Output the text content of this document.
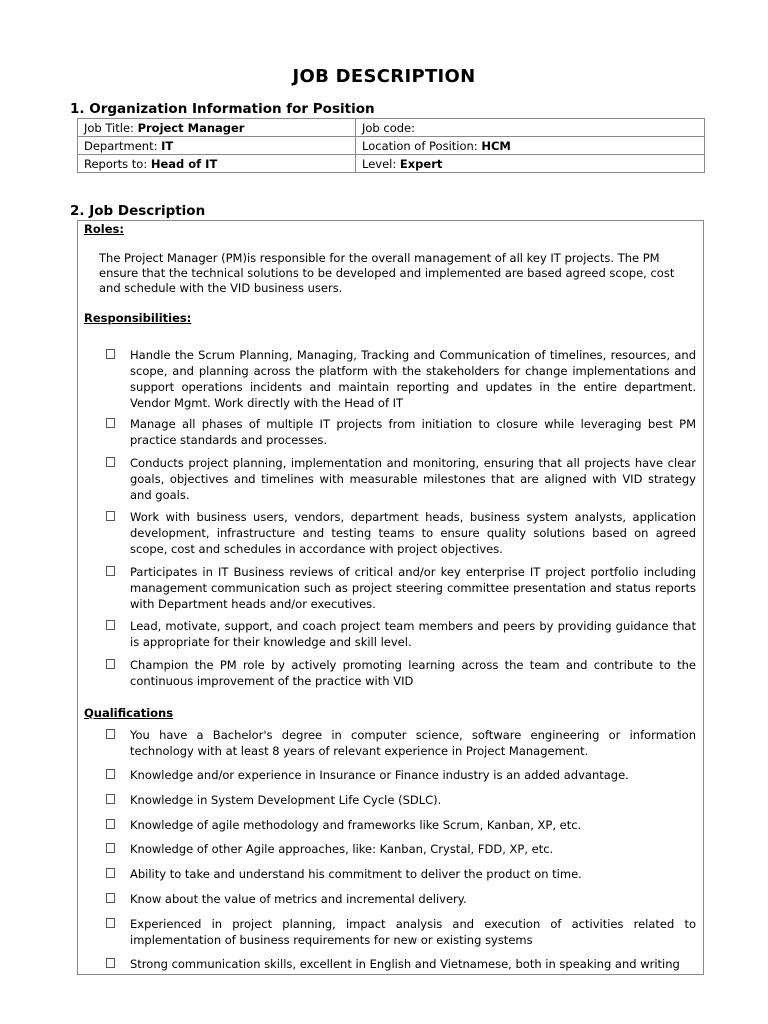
JOB DESCRIPTION
1. Organization Information for Position
Job Title: Project Manager	Job code:
Department: IT	Location of Position: HCM
Reports to: Head of IT	Level: Expert
2. Job Description
Roles:
The Project Manager (PM)is responsible for the overall management of all key IT projects. The PM ensure that the technical solutions to be developed and implemented are based agreed scope, cost and schedule with the VID business users.
Responsibilities:
Handle the Scrum Planning, Managing, Tracking and Communication of timelines, resources, and scope, and planning across the platform with the stakeholders for change implementations and support operations incidents and maintain reporting and updates in the entire department. Vendor Mgmt. Work directly with the Head of IT
Manage all phases of multiple IT projects from initiation to closure while leveraging best PM practice standards and processes.
Conducts project planning, implementation and monitoring, ensuring that all projects have clear goals, objectives and timelines with measurable milestones that are aligned with VID strategy and goals.
Work with business users, vendors, department heads, business system analysts, application development, infrastructure and testing teams to ensure quality solutions based on agreed scope, cost and schedules in accordance with project objectives.
Participates in IT Business reviews of critical and/or key enterprise IT project portfolio including management communication such as project steering committee presentation and status reports with Department heads and/or executives.
Lead, motivate, support, and coach project team members and peers by providing guidance that is appropriate for their knowledge and skill level.
Champion the PM role by actively promoting learning across the team and contribute to the continuous improvement of the practice with VID
Qualifications
You have a Bachelor's degree in computer science, software engineering or information technology with at least 8 years of relevant experience in Project Management.
Knowledge and/or experience in Insurance or Finance industry is an added advantage.
Knowledge in System Development Life Cycle (SDLC).
Knowledge of agile methodology and frameworks like Scrum, Kanban, XP, etc.
Knowledge of other Agile approaches, like: Kanban, Crystal, FDD, XP, etc.
Ability to take and understand his commitment to deliver the product on time.
Know about the value of metrics and incremental delivery.
Experienced in project planning, impact analysis and execution of activities related to implementation of business requirements for new or existing systems
Strong communication skills, excellent in English and Vietnamese, both in speaking and writing
